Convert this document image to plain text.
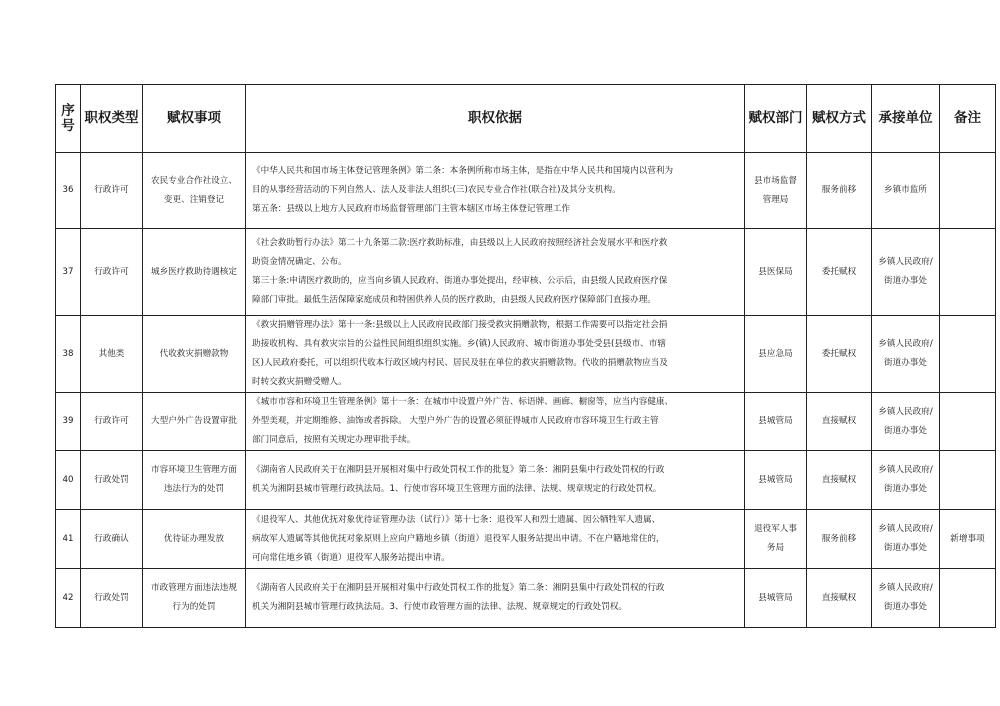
序号	职权类型	赋权事项	职权依据	赋权部门	赋权方式	承接单位	备注
36	行政许可	农民专业合作社设立、变更、注销登记	《中华人民共和国市场主体登记管理条例》第二条：本条例所称市场主体，是指在中华人民共和国境内以营利为
目的从事经营活动的下列自然人、法人及非法人组织:(三)农民专业合作社(联合社)及其分支机构。
第五条：县级以上地方人民政府市场监督管理部门主管本辖区市场主体登记管理工作	县市场监督管理局	服务前移	乡镇市监所	
37	行政许可	城乡医疗救助待遇核定	《社会救助暂行办法》第二十九条第二款:医疗救助标准，由县级以上人民政府按照经济社会发展水平和医疗救
助资金情况确定、公布。
第三十条:申请医疗救助的，应当向乡镇人民政府、街道办事处提出，经审核、公示后，由县级人民政府医疗保
障部门审批。最低生活保障家庭成员和特困供养人员的医疗救助，由县级人民政府医疗保障部门直接办理。	县医保局	委托赋权	乡镇人民政府/街道办事处	
38	其他类	代收救灾捐赠款物	《救灾捐赠管理办法》第十一条:县级以上人民政府民政部门接受救灾捐赠款物，根据工作需要可以指定社会捐
助接收机构、具有救灾宗旨的公益性民间组织组织实施。乡(镇)人民政府、城市街道办事处受县(县级市、市辖
区)人民政府委托，可以组织代收本行政区域内村民、居民及驻在单位的救灾捐赠款物。代收的捐赠款物应当及
时转交救灾捐赠受赠人。	县应急局	委托赋权	乡镇人民政府/街道办事处	
39	行政许可	大型户外广告设置审批	《城市市容和环境卫生管理条例》第十一条：在城市中设置户外广告、标语牌、画廊、橱窗等，应当内容健康、
外型美观，并定期维修、油饰或者拆除。 大型户外广告的设置必须征得城市人民政府市容环境卫生行政主管
部门同意后，按照有关规定办理审批手续。	县城管局	直接赋权	乡镇人民政府/街道办事处	
40	行政处罚	市容环境卫生管理方面违法行为的处罚	《湖南省人民政府关于在湘阴县开展相对集中行政处罚权工作的批复》第二条：湘阴县集中行政处罚权的行政
机关为湘阴县城市管理行政执法局。1、行使市容环境卫生管理方面的法律、法规、规章规定的行政处罚权。	县城管局	直接赋权	乡镇人民政府/街道办事处	
41	行政确认	优待证办理发放	《退役军人、其他优抚对象优待证管理办法（试行）》第十七条：退役军人和烈士遗属、因公牺牲军人遗属、
病故军人遗属等其他优抚对象原则上应向户籍地乡镇（街道）退役军人服务站提出申请。不在户籍地常住的，
可向常住地乡镇（街道）退役军人服务站提出申请。	退役军人事务局	服务前移	乡镇人民政府/街道办事处	新增事项
42	行政处罚	市政管理方面违法违规行为的处罚	《湖南省人民政府关于在湘阴县开展相对集中行政处罚权工作的批复》第二条：湘阴县集中行政处罚权的行政
机关为湘阴县城市管理行政执法局。3、行使市政管理方面的法律、法规、规章规定的行政处罚权。	县城管局	直接赋权	乡镇人民政府/街道办事处	
